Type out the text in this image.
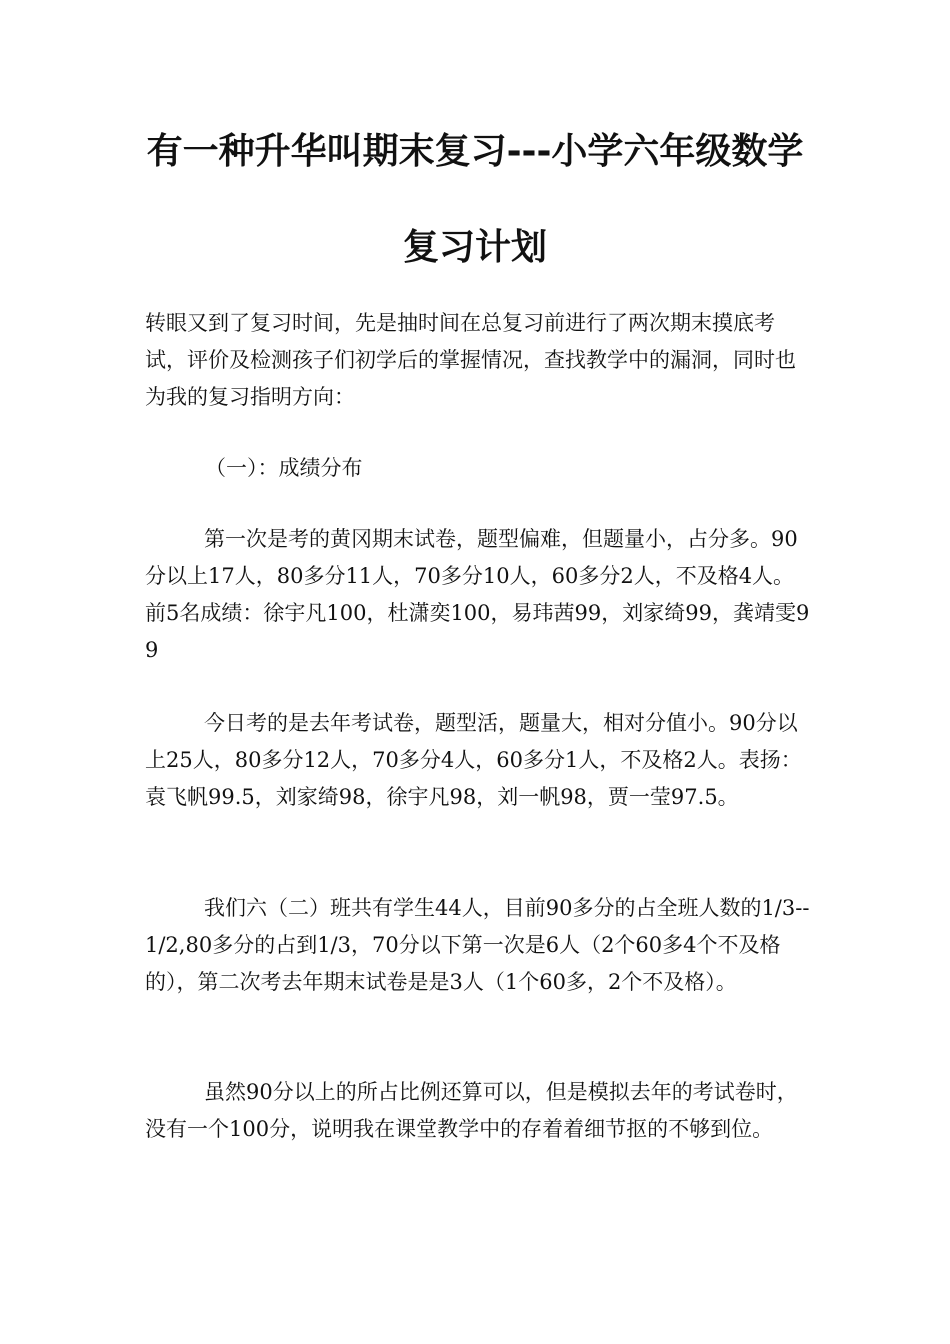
有一种升华叫期末复习---小学六年级数学
复习计划

转眼又到了复习时间，先是抽时间在总复习前进行了两次期末摸底考试，评价及检测孩子们初学后的掌握情况，查找教学中的漏洞，同时也为我的复习指明方向：

（一）：成绩分布

第一次是考的黄冈期末试卷，题型偏难，但题量小，占分多。90分以上17人，80多分11人，70多分10人，60多分2人，不及格4人。前5名成绩：徐宇凡100，杜潇奕100，易玮茜99，刘家绮99，龚靖雯99

今日考的是去年考试卷，题型活，题量大，相对分值小。90分以上25人，80多分12人，70多分4人，60多分1人，不及格2人。表扬：袁飞帆99.5，刘家绮98，徐宇凡98，刘一帆98，贾一莹97.5。

我们六（二）班共有学生44人，目前90多分的占全班人数的1/3--1/2,80多分的占到1/3，70分以下第一次是6人（2个60多4个不及格的），第二次考去年期末试卷是是3人（1个60多，2个不及格）。

虽然90分以上的所占比例还算可以，但是模拟去年的考试卷时，没有一个100分，说明我在课堂教学中的存着着细节抠的不够到位。
